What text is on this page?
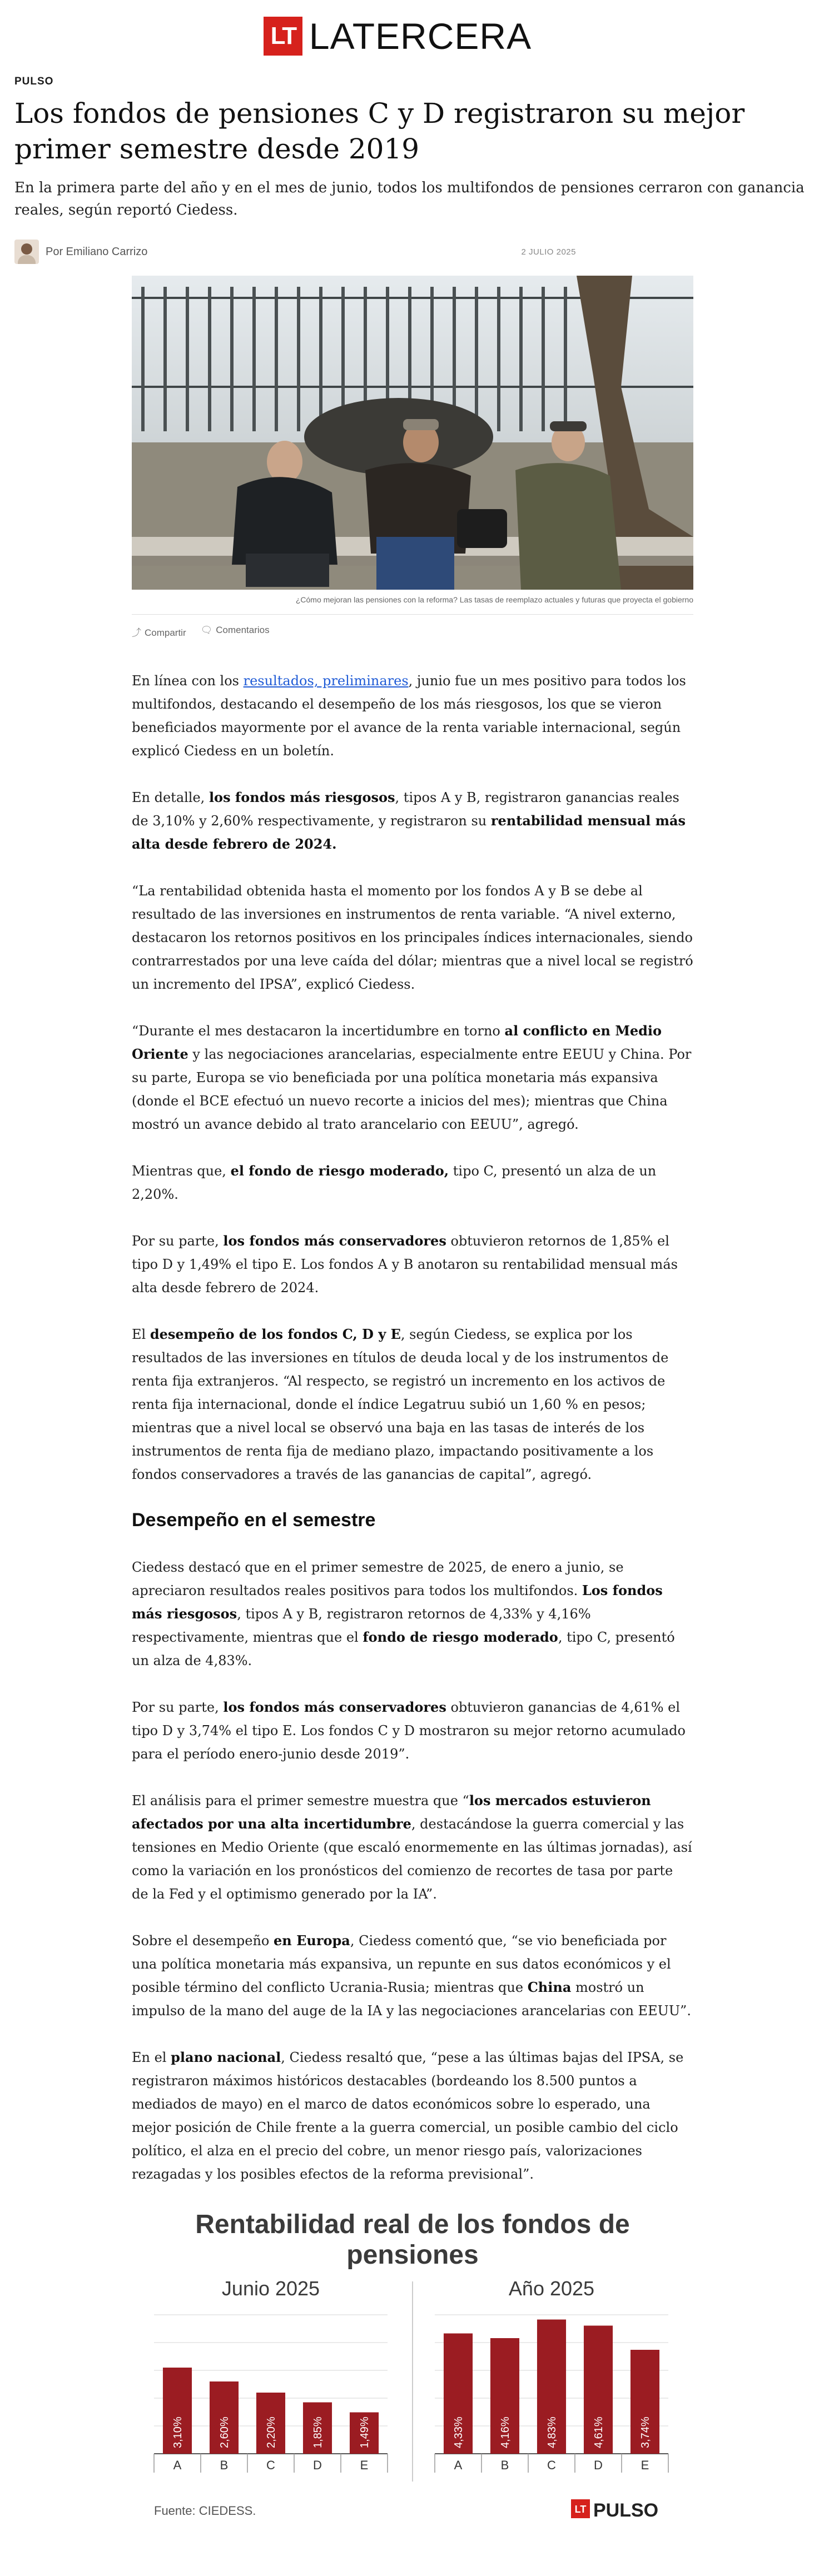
LT LATERCERA
PULSO
Los fondos de pensiones C y D registraron su mejor primer semestre desde 2019

En la primera parte del año y en el mes de junio, todos los multifondos de pensiones cerraron con ganancia reales, según reportó Ciedess.

Por Emiliano Carrizo	2 JULIO 2025
¿Cómo mejoran las pensiones con la reforma? Las tasas de reemplazo actuales y futuras que proyecta el gobierno
⤴ Compartir 🗨 Comentarios

En línea con los resultados, preliminares, junio fue un mes positivo para todos los multifondos, destacando el desempeño de los más riesgosos, los que se vieron beneficiados mayormente por el avance de la renta variable internacional, según explicó Ciedess en un boletín.

En detalle, los fondos más riesgosos, tipos A y B, registraron ganancias reales de 3,10% y 2,60% respectivamente, y registraron su rentabilidad mensual más alta desde febrero de 2024.

“La rentabilidad obtenida hasta el momento por los fondos A y B se debe al resultado de las inversiones en instrumentos de renta variable. “A nivel externo, destacaron los retornos positivos en los principales índices internacionales, siendo contrarrestados por una leve caída del dólar; mientras que a nivel local se registró un incremento del IPSA”, explicó Ciedess.

“Durante el mes destacaron la incertidumbre en torno al conflicto en Medio Oriente y las negociaciones arancelarias, especialmente entre EEUU y China. Por su parte, Europa se vio beneficiada por una política monetaria más expansiva (donde el BCE efectuó un nuevo recorte a inicios del mes); mientras que China mostró un avance debido al trato arancelario con EEUU”, agregó.

Mientras que, el fondo de riesgo moderado, tipo C, presentó un alza de un 2,20%.

Por su parte, los fondos más conservadores obtuvieron retornos de 1,85% el tipo D y 1,49% el tipo E. Los fondos A y B anotaron su rentabilidad mensual más alta desde febrero de 2024.

El desempeño de los fondos C, D y E, según Ciedess, se explica por los resultados de las inversiones en títulos de deuda local y de los instrumentos de renta fija extranjeros. “Al respecto, se registró un incremento en los activos de renta fija internacional, donde el índice Legatruu subió un 1,60 % en pesos; mientras que a nivel local se observó una baja en las tasas de interés de los instrumentos de renta fija de mediano plazo, impactando positivamente a los fondos conservadores a través de las ganancias de capital”, agregó.

Desempeño en el semestre

Ciedess destacó que en el primer semestre de 2025, de enero a junio, se apreciaron resultados reales positivos para todos los multifondos. Los fondos más riesgosos, tipos A y B, registraron retornos de 4,33% y 4,16% respectivamente, mientras que el fondo de riesgo moderado, tipo C, presentó un alza de 4,83%.

Por su parte, los fondos más conservadores obtuvieron ganancias de 4,61% el tipo D y 3,74% el tipo E. Los fondos C y D mostraron su mejor retorno acumulado para el período enero-junio desde 2019”.

El análisis para el primer semestre muestra que “los mercados estuvieron afectados por una alta incertidumbre, destacándose la guerra comercial y las tensiones en Medio Oriente (que escaló enormemente en las últimas jornadas), así como la variación en los pronósticos del comienzo de recortes de tasa por parte de la Fed y el optimismo generado por la IA”.

Sobre el desempeño en Europa, Ciedess comentó que, “se vio beneficiada por una política monetaria más expansiva, un repunte en sus datos económicos y el posible término del conflicto Ucrania-Rusia; mientras que China mostró un impulso de la mano del auge de la IA y las negociaciones arancelarias con EEUU”.

En el plano nacional, Ciedess resaltó que, “pese a las últimas bajas del IPSA, se registraron máximos históricos destacables (bordeando los 8.500 puntos a mediados de mayo) en el marco de datos económicos sobre lo esperado, una mejor posición de Chile frente a la guerra comercial, un posible cambio del ciclo político, el alza en el precio del cobre, un menor riesgo país, valorizaciones rezagadas y los posibles efectos de la reforma previsional”.

Rentabilidad real de los fondos de pensiones
Junio 2025
3,10%
A
2,60%
B
2,20%
C
1,85%
D
1,49%
E
Año 2025
4,33%
A
4,16%
B
4,83%
C
4,61%
D
3,74%
E
Fuente: CIEDESS.	LT PULSO
